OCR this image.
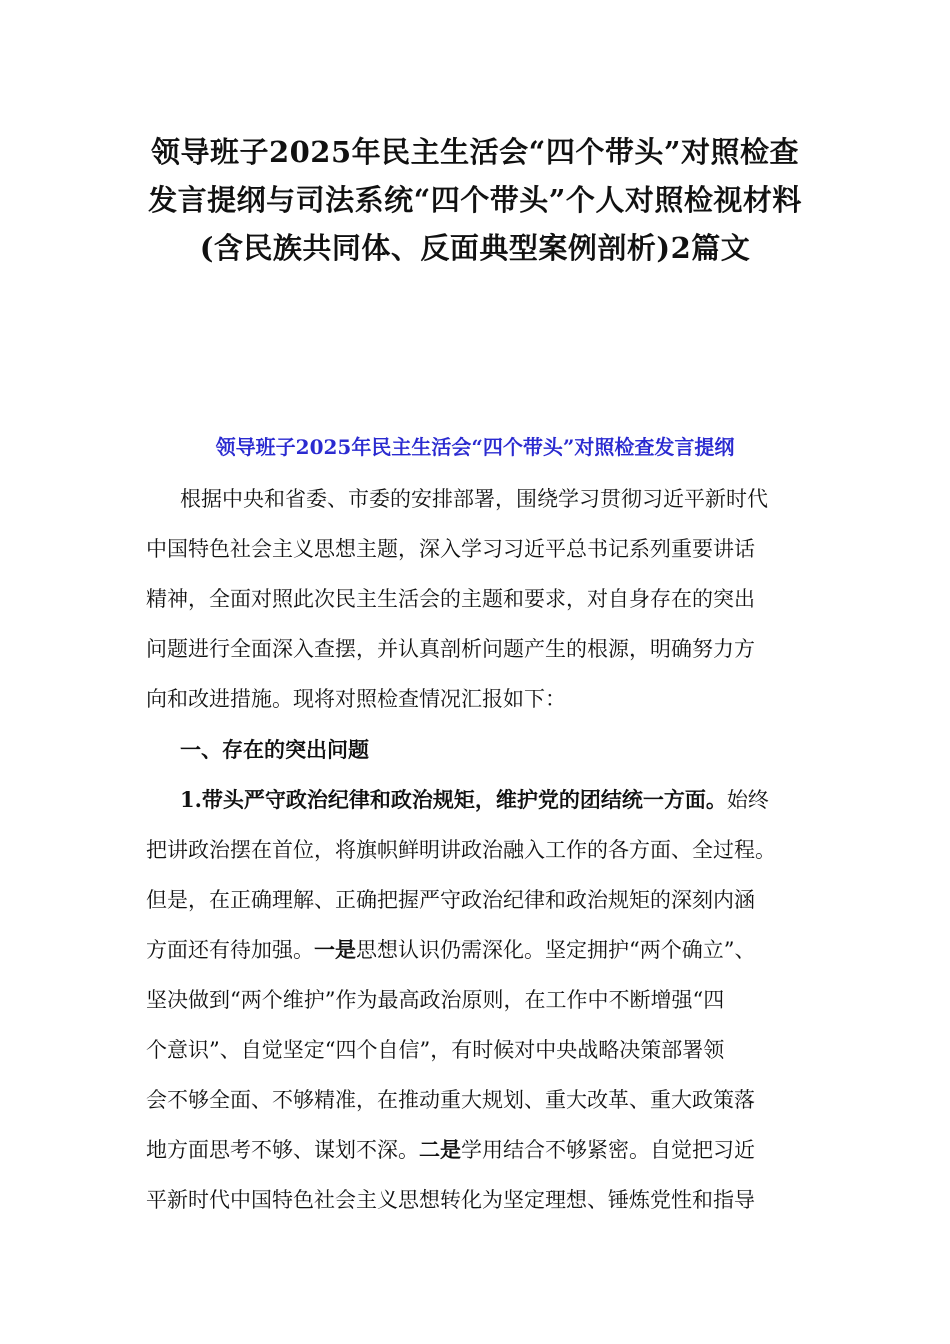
领导班子2025年民主生活会“四个带头”对照检查
发言提纲与司法系统“四个带头”个人对照检视材料
(含民族共同体、反面典型案例剖析)2篇文
领导班子2025年民主生活会“四个带头”对照检查发言提纲
根据中央和省委、市委的安排部署，围绕学习贯彻习近平新时代
中国特色社会主义思想主题，深入学习习近平总书记系列重要讲话
精神，全面对照此次民主生活会的主题和要求，对自身存在的突出
问题进行全面深入查摆，并认真剖析问题产生的根源，明确努力方
向和改进措施。现将对照检查情况汇报如下：
一、存在的突出问题
1.带头严守政治纪律和政治规矩，维护党的团结统一方面。始终
把讲政治摆在首位，将旗帜鲜明讲政治融入工作的各方面、全过程。
但是，在正确理解、正确把握严守政治纪律和政治规矩的深刻内涵
方面还有待加强。一是思想认识仍需深化。坚定拥护“两个确立”、
坚决做到“两个维护”作为最高政治原则，在工作中不断增强“四
个意识”、自觉坚定“四个自信”，有时候对中央战略决策部署领
会不够全面、不够精准，在推动重大规划、重大改革、重大政策落
地方面思考不够、谋划不深。二是学用结合不够紧密。自觉把习近
平新时代中国特色社会主义思想转化为坚定理想、锤炼党性和指导
